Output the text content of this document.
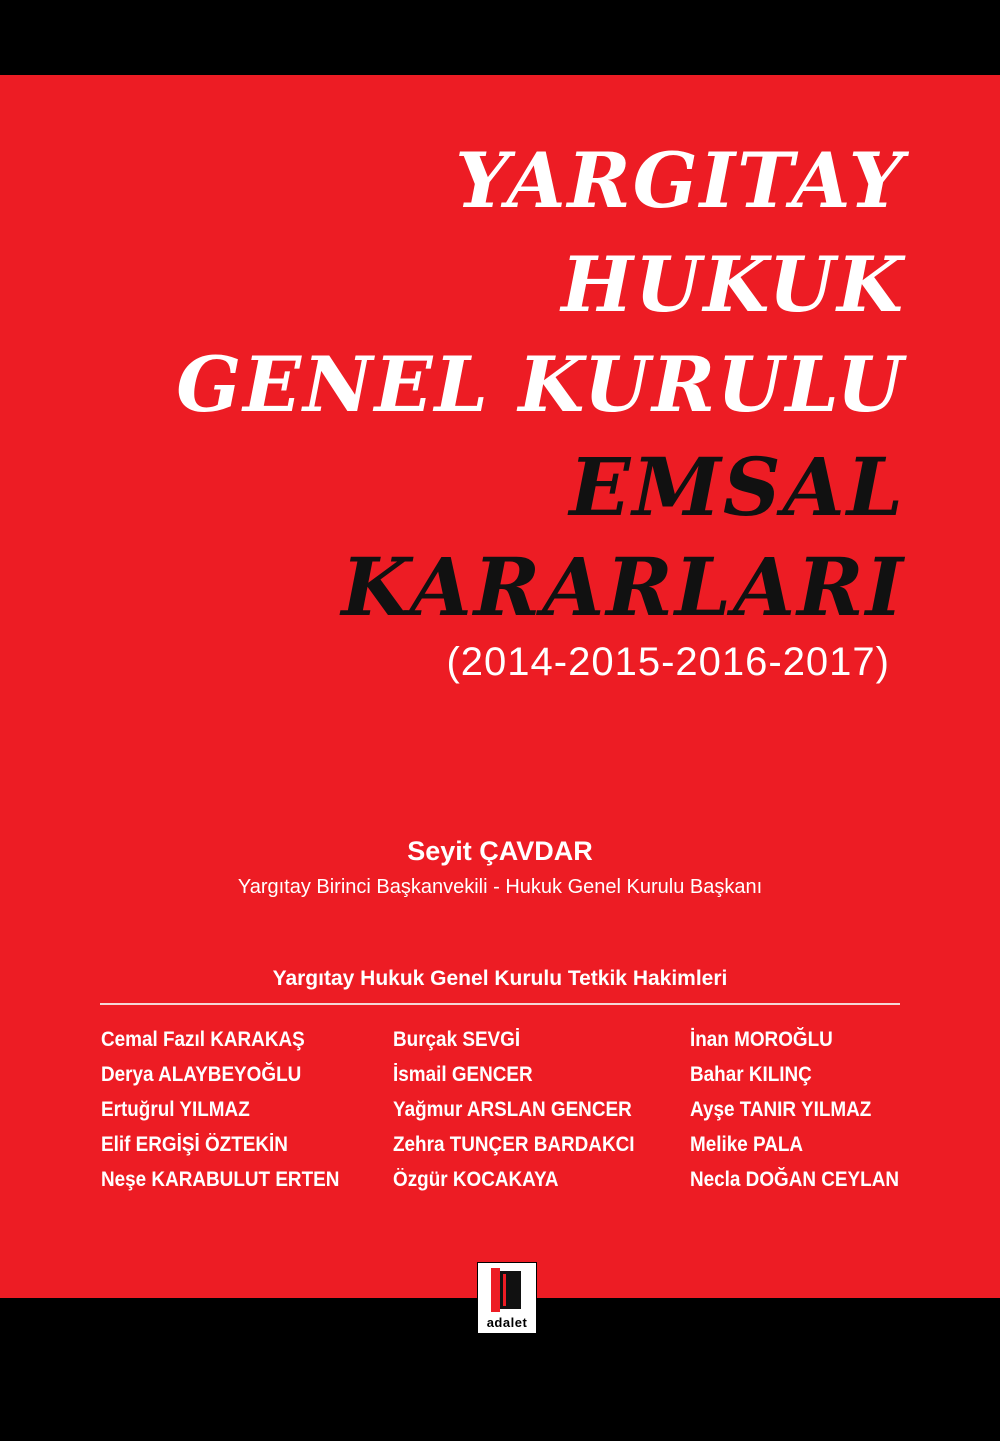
YARGITAY
HUKUK
GENEL KURULU
EMSAL
KARARLARI
(2014-2015-2016-2017)
Seyit ÇAVDAR
Yargıtay Birinci Başkanvekili - Hukuk Genel Kurulu Başkanı
Yargıtay Hukuk Genel Kurulu Tetkik Hakimleri
Cemal Fazıl KARAKAŞ
Derya ALAYBEYOĞLU
Ertuğrul YILMAZ
Elif ERGİŞİ ÖZTEKİN
Neşe KARABULUT ERTEN
Burçak SEVGİ
İsmail GENCER
Yağmur ARSLAN GENCER
Zehra TUNÇER BARDAKCI
Özgür KOCAKAYA
İnan MOROĞLU
Bahar KILINÇ
Ayşe TANIR YILMAZ
Melike PALA
Necla DOĞAN CEYLAN
adalet
